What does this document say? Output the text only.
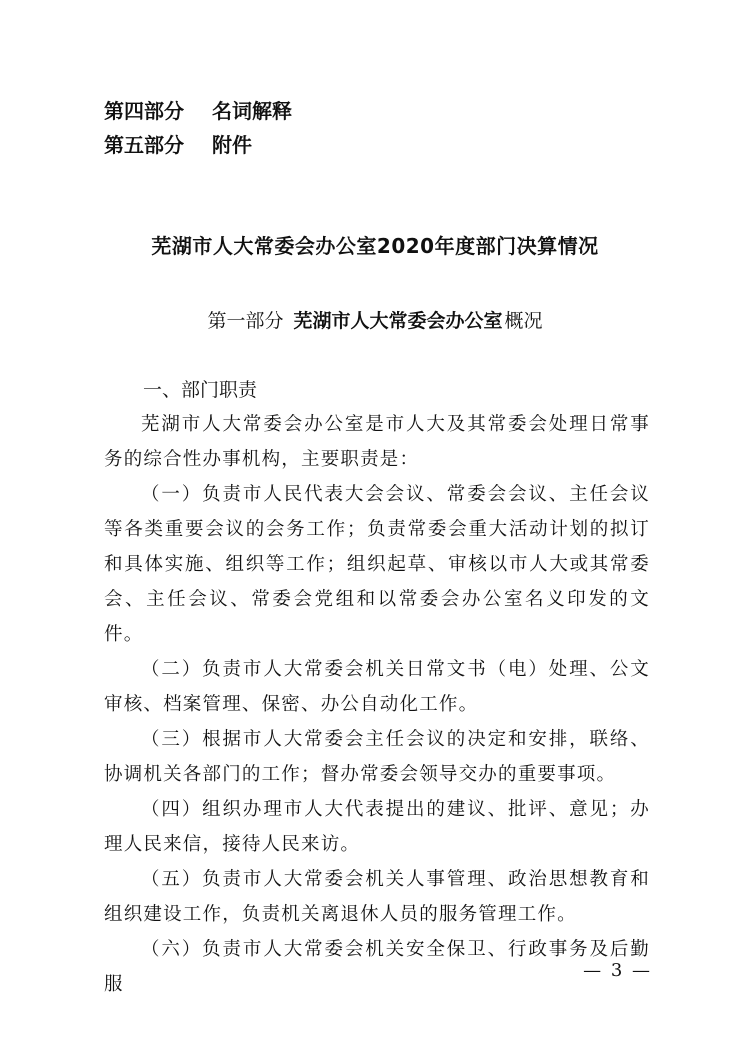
第四部分 名词解释
第五部分 附件
芜湖市人大常委会办公室2020年度部门决算情况
第一部分 芜湖市人大常委会办公室 概况
一、部门职责

芜湖市人大常委会办公室是市人大及其常委会处理日常事务的综合性办事机构，主要职责是：

（一）负责市人民代表大会会议、常委会会议、主任会议等各类重要会议的会务工作；负责常委会重大活动计划的拟订和具体实施、组织等工作；组织起草、审核以市人大或其常委会、主任会议、常委会党组和以常委会办公室名义印发的文件。

（二）负责市人大常委会机关日常文书（电）处理、公文审核、档案管理、保密、办公自动化工作。

（三）根据市人大常委会主任会议的决定和安排，联络、协调机关各部门的工作；督办常委会领导交办的重要事项。

（四）组织办理市人大代表提出的建议、批评、意见；办理人民来信，接待人民来访。

（五）负责市人大常委会机关人事管理、政治思想教育和组织建设工作，负责机关离退休人员的服务管理工作。

（六）负责市人大常委会机关安全保卫、行政事务及后勤服

— 3 —
